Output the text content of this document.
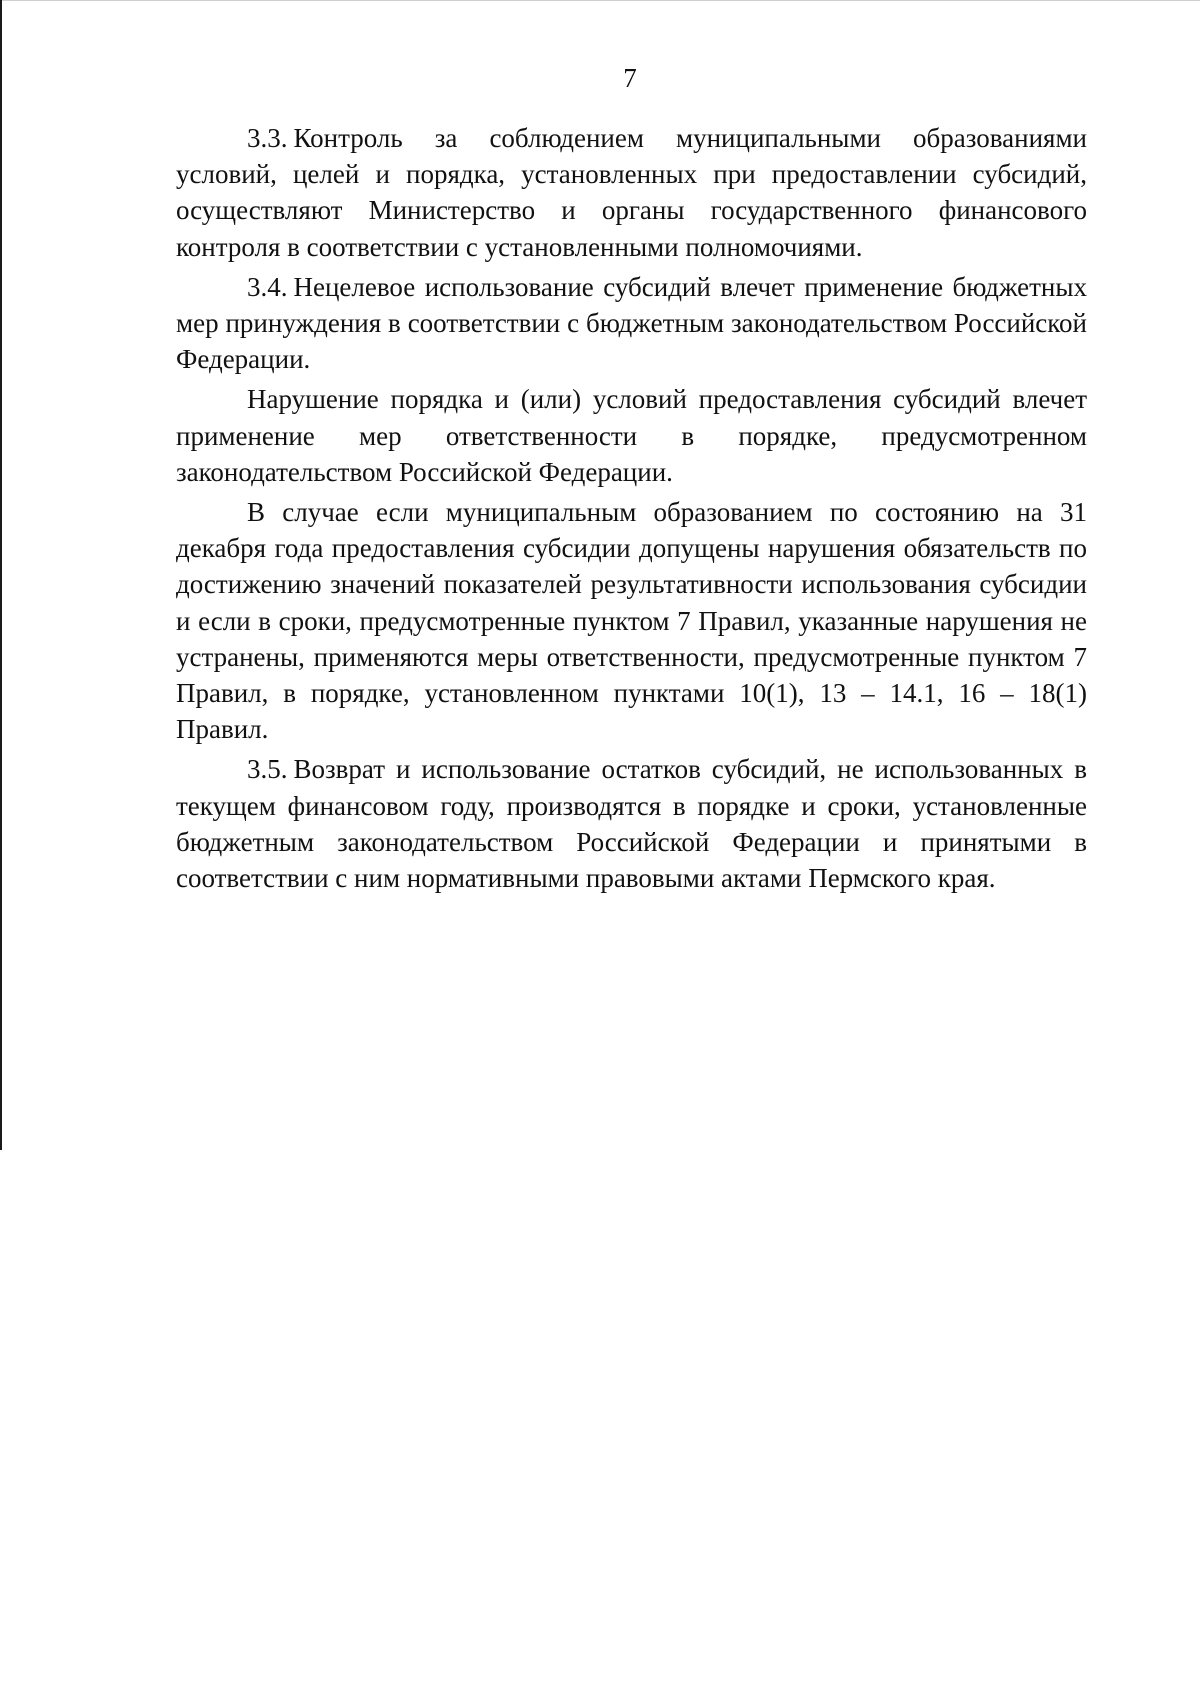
7

3.3. Контроль за соблюдением муниципальными образованиями условий, целей и порядка, установленных при предоставлении субсидий, осуществляют Министерство и органы государственного финансового контроля в соответствии с установленными полномочиями.

3.4. Нецелевое использование субсидий влечет применение бюджетных мер принуждения в соответствии с бюджетным законодательством Российской Федерации.

Нарушение порядка и (или) условий предоставления субсидий влечет применение мер ответственности в порядке, предусмотренном законодательством Российской Федерации.

В случае если муниципальным образованием по состоянию на 31 декабря года предоставления субсидии допущены нарушения обязательств по достижению значений показателей результативности использования субсидии и если в сроки, предусмотренные пунктом 7 Правил, указанные нарушения не устранены, применяются меры ответственности, предусмотренные пунктом 7 Правил, в порядке, установленном пунктами 10(1), 13 – 14.1, 16 – 18(1) Правил.

3.5. Возврат и использование остатков субсидий, не использованных в текущем финансовом году, производятся в порядке и сроки, установленные бюджетным законодательством Российской Федерации и принятыми в соответствии с ним нормативными правовыми актами Пермского края.
